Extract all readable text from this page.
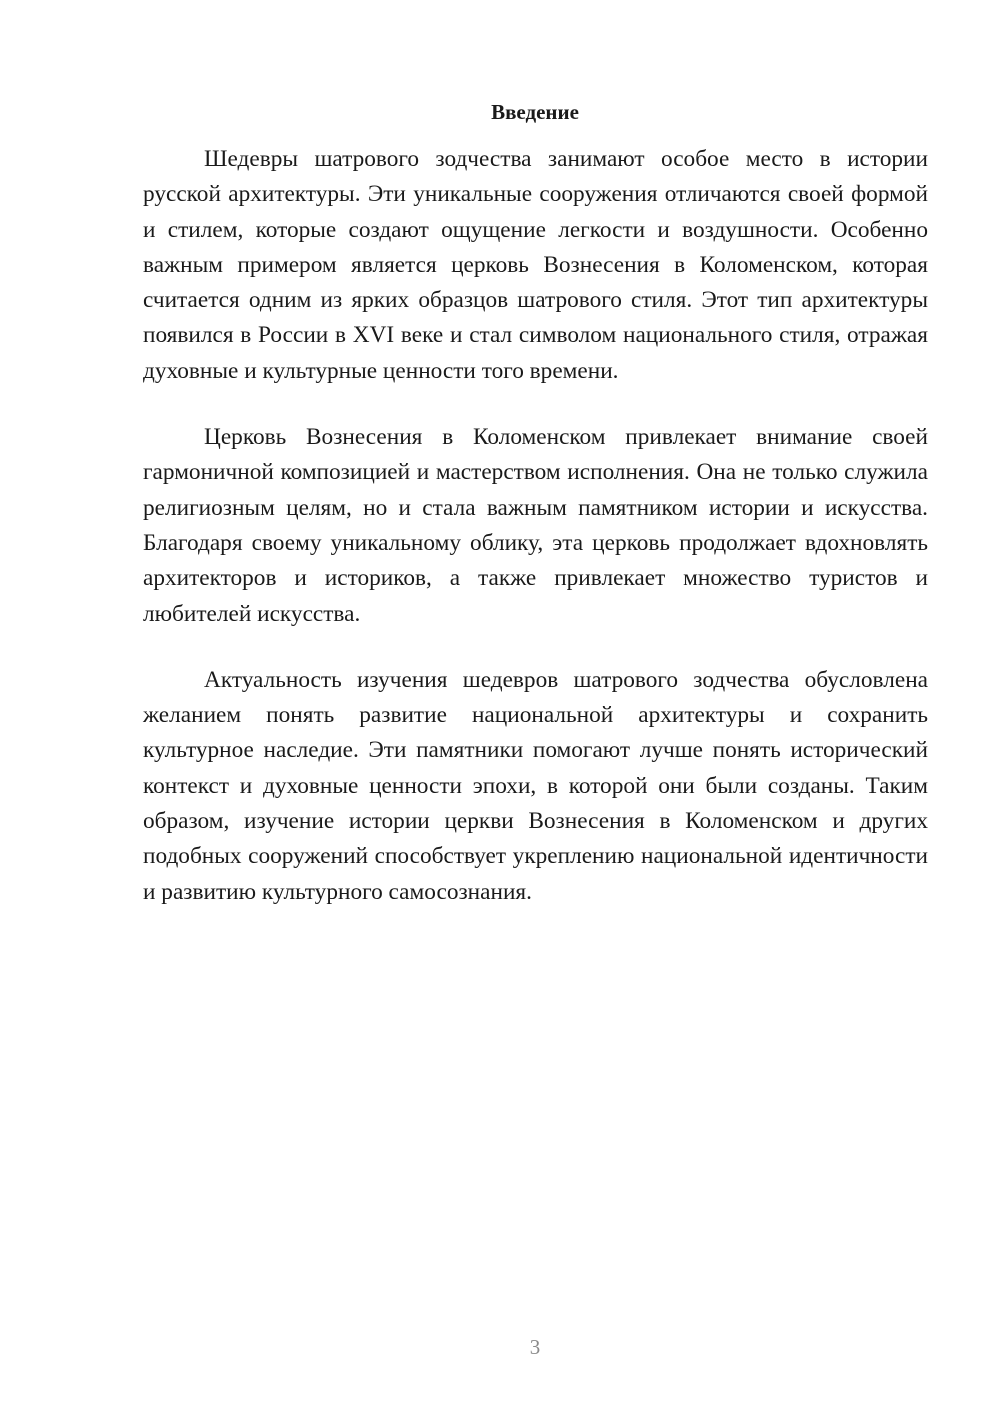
Введение

Шедевры шатрового зодчества занимают особое место в истории русской архитектуры. Эти уникальные сооружения отличаются своей формой и стилем, которые создают ощущение легкости и воздушности. Особенно важным примером является церковь Вознесения в Коломенском, которая считается одним из ярких образцов шатрового стиля. Этот тип архитектуры появился в России в XVI веке и стал символом национального стиля, отражая духовные и культурные ценности того времени.

Церковь Вознесения в Коломенском привлекает внимание своей гармоничной композицией и мастерством исполнения. Она не только служила религиозным целям, но и стала важным памятником истории и искусства. Благодаря своему уникальному облику, эта церковь продолжает вдохновлять архитекторов и историков, а также привлекает множество туристов и любителей искусства.

Актуальность изучения шедевров шатрового зодчества обусловлена желанием понять развитие национальной архитектуры и сохранить культурное наследие. Эти памятники помогают лучше понять исторический контекст и духовные ценности эпохи, в которой они были созданы. Таким образом, изучение истории церкви Вознесения в Коломенском и других подобных сооружений способствует укреплению национальной идентичности и развитию культурного самосознания.

3
